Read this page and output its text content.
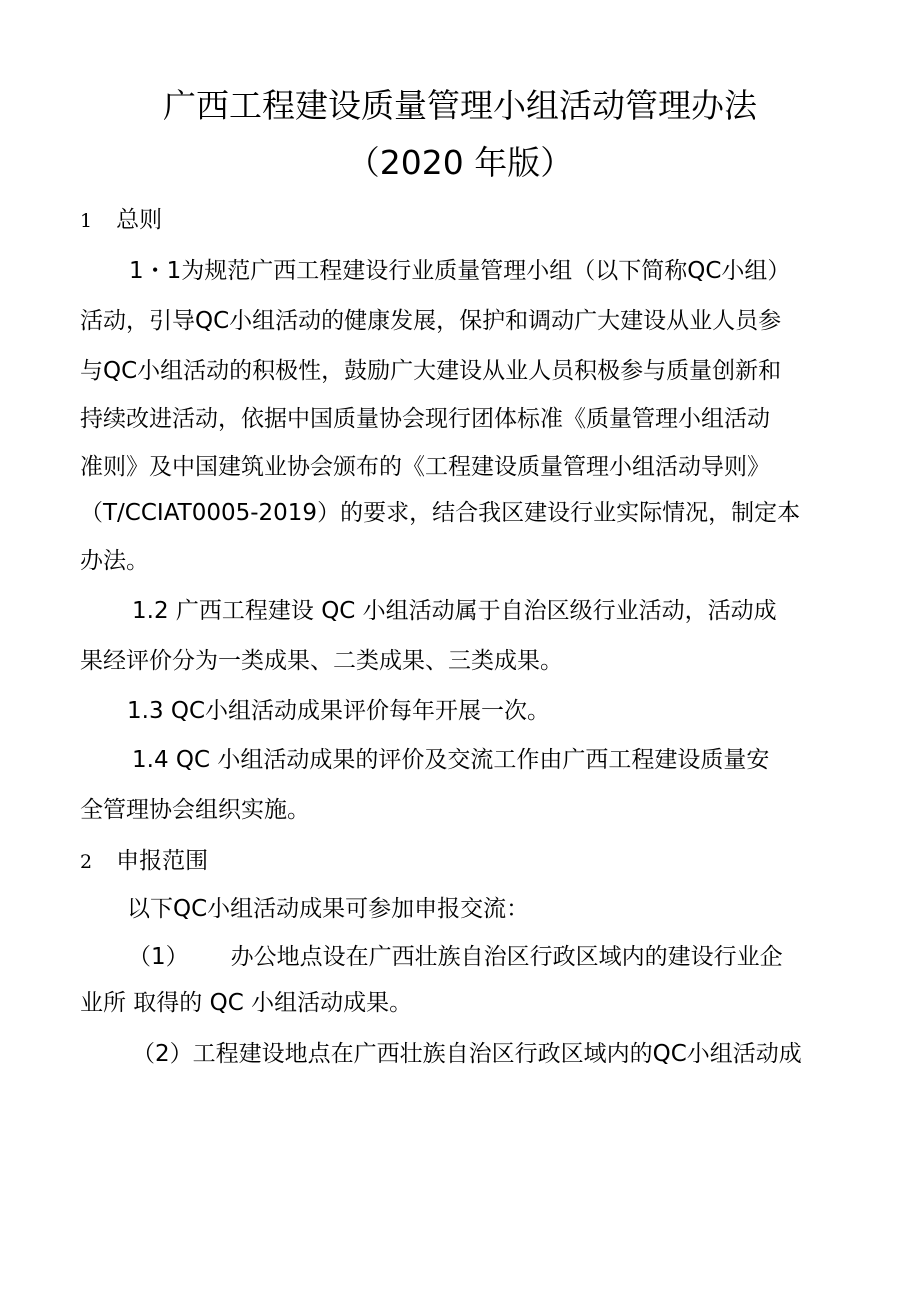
广西工程建设质量管理小组活动管理办法
（2020 年版）
1 总则
1・1为规范广西工程建设行业质量管理小组（以下简称QC小组）
活动，引导QC小组活动的健康发展，保护和调动广大建设从业人员参
与QC小组活动的积极性，鼓励广大建设从业人员积极参与质量创新和
持续改进活动，依据中国质量协会现行团体标准《质量管理小组活动
准则》及中国建筑业协会颁布的《工程建设质量管理小组活动导则》
（T/CCIAT0005-2019）的要求，结合我区建设行业实际情况，制定本
办法。
1.2 广西工程建设 QC 小组活动属于自治区级行业活动，活动成
果经评价分为一类成果、二类成果、三类成果。
1.3 QC小组活动成果评价每年开展一次。
1.4 QC 小组活动成果的评价及交流工作由广西工程建设质量安
全管理协会组织实施。
2 申报范围
以下QC小组活动成果可参加申报交流：
（1） 办公地点设在广西壮族自治区行政区域内的建设行业企
业所 取得的 QC 小组活动成果。
（2）工程建设地点在广西壮族自治区行政区域内的QC小组活动成
